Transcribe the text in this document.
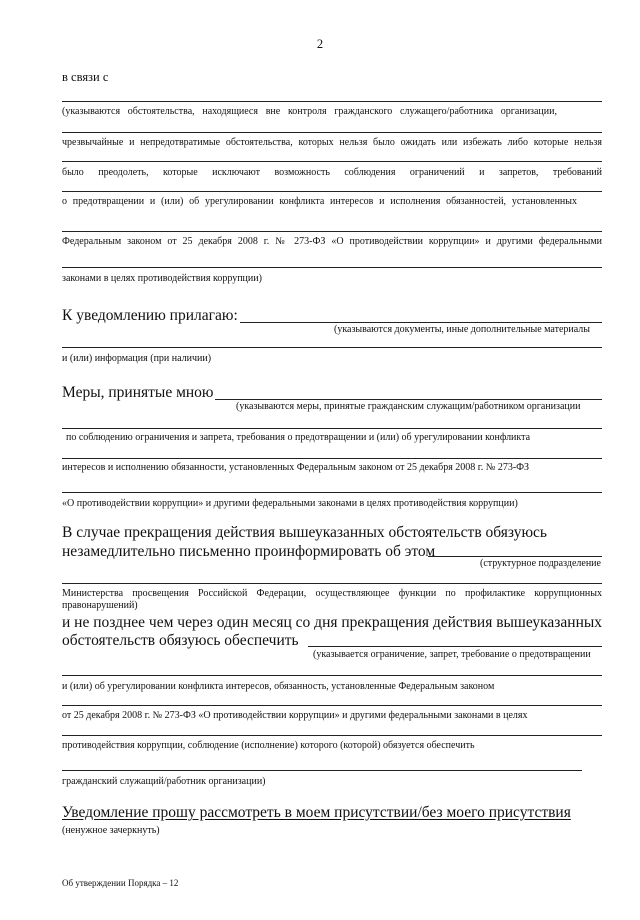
2
в связи с
(указываются обстоятельства, находящиеся вне контроля гражданского служащего/работника организации,
чрезвычайные и непредотвратимые обстоятельства, которых нельзя было ожидать или избежать либо которые нельзя
было преодолеть, которые исключают возможность соблюдения ограничений и запретов, требований
о предотвращении и (или) об урегулировании конфликта интересов и исполнения обязанностей, установленных
Федеральным законом от 25 декабря 2008 г. № 273-ФЗ «О противодействии коррупции» и другими федеральными
законами в целях противодействия коррупции)
К уведомлению прилагаю:
(указываются документы, иные дополнительные материалы
и (или) информация (при наличии)
Меры, принятые мною
(указываются меры, принятые гражданским служащим/работником организации
по соблюдению ограничения и запрета, требования о предотвращении и (или) об урегулировании конфликта
интересов и исполнению обязанности, установленных Федеральным законом от 25 декабря 2008 г. № 273-ФЗ
«О противодействии коррупции» и другими федеральными законами в целях противодействия коррупции)
В случае прекращения действия вышеуказанных обстоятельств обязуюсь
незамедлительно письменно проинформировать об этом
(структурное подразделение
Министерства просвещения Российской Федерации, осуществляющее функции по профилактике коррупционных
правонарушений)
и не позднее чем через один месяц со дня прекращения действия вышеуказанных
обстоятельств обязуюсь обеспечить
(указывается ограничение, запрет, требование о предотвращении
и (или) об урегулировании конфликта интересов, обязанность, установленные Федеральным законом
от 25 декабря 2008 г. № 273-ФЗ «О противодействии коррупции» и другими федеральными законами в целях
противодействия коррупции, соблюдение (исполнение) которого (которой) обязуется обеспечить
гражданский служащий/работник организации)
Уведомление прошу рассмотреть в моем присутствии/без моего присутствия
(ненужное зачеркнуть)
Об утверждении Порядка – 12
